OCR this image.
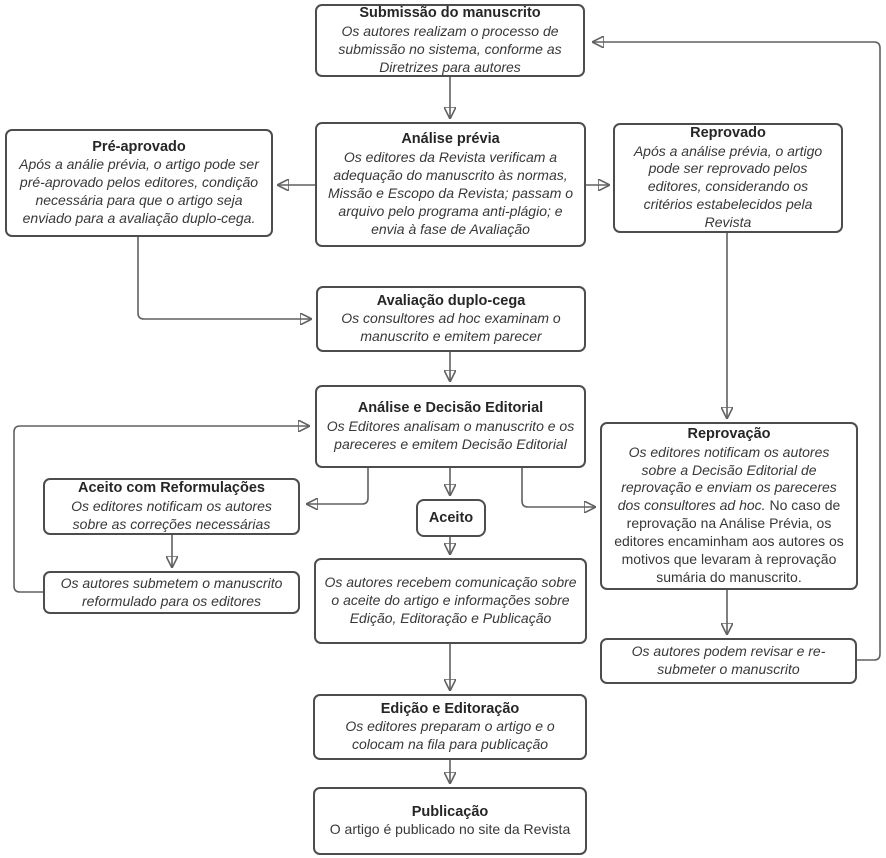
Submissão do manuscrito
Os autores realizam o processo de submissão no sistema, conforme as Diretrizes para autores
Pré-aprovado
Após a análie prévia, o artigo pode ser pré-aprovado pelos editores, condição necessária para que o artigo seja enviado para a avaliação duplo-cega.
Análise prévia
Os editores da Revista verificam a adequação do manuscrito às normas, Missão e Escopo da Revista; passam o arquivo pelo programa anti-plágio; e envia à fase de Avaliação
Reprovado
Após a análise prévia, o artigo pode ser reprovado pelos editores, considerando os critérios estabelecidos pela Revista
Avaliação duplo-cega
Os consultores ad hoc examinam o manuscrito e emitem parecer
Análise e Decisão Editorial
Os Editores analisam o manuscrito e os pareceres e emitem Decisão Editorial
Aceito com Reformulações
Os editores notificam os autores sobre as correções necessárias
Os autores submetem o manuscrito reformulado para os editores
Aceito
Os autores recebem comunicação sobre o aceite do artigo e informações sobre Edição, Editoração e Publicação
Reprovação
Os editores notificam os autores sobre a Decisão Editorial de reprovação e enviam os pareceres dos consultores ad hoc. No caso de reprovação na Análise Prévia, os editores encaminham aos autores os motivos que levaram à reprovação sumária do manuscrito.
Os autores podem revisar e re-submeter o manuscrito
Edição e Editoração
Os editores preparam o artigo e o colocam na fila para publicação
Publicação
O artigo é publicado no site da Revista
